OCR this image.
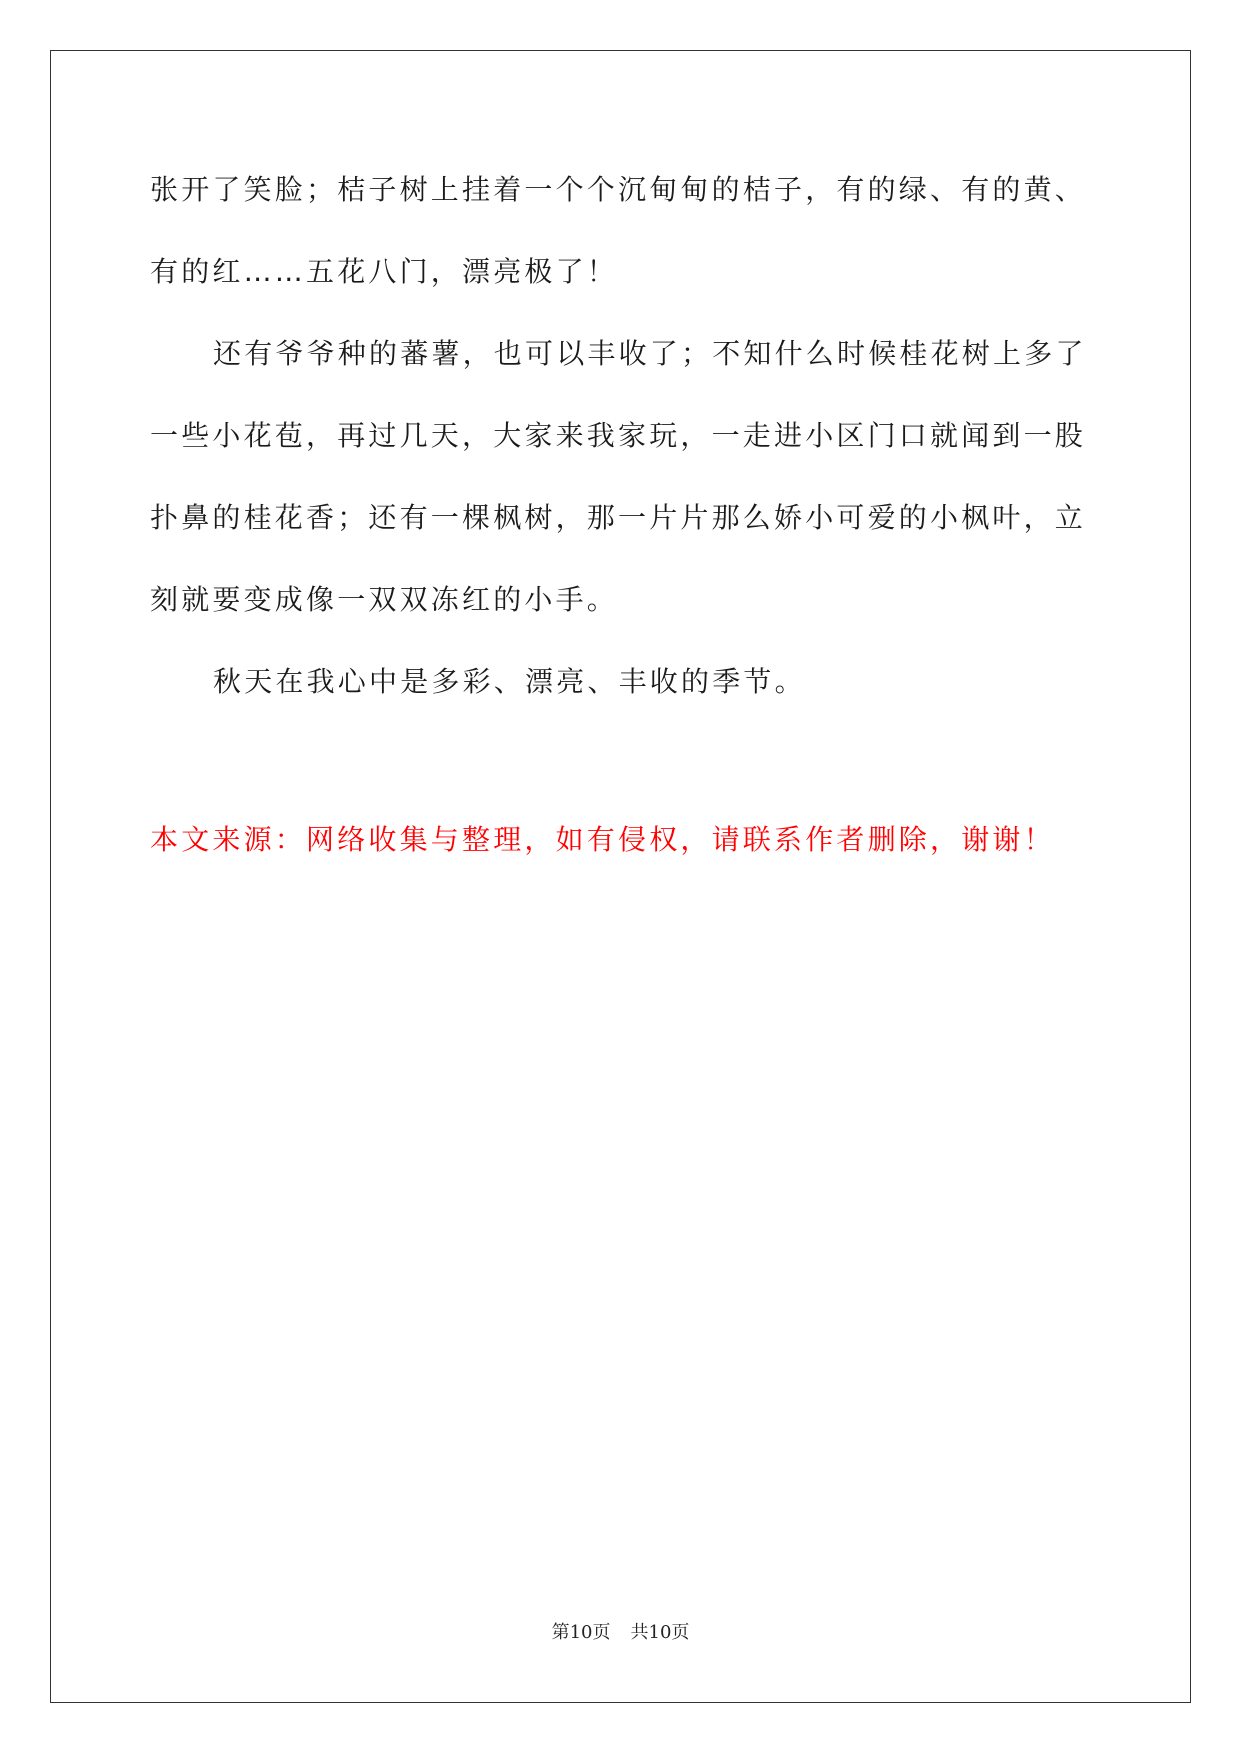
张开了笑脸；桔子树上挂着一个个沉甸甸的桔子，有的绿、有的黄、
有的红……五花八门，漂亮极了！
还有爷爷种的蕃薯，也可以丰收了；不知什么时候桂花树上多了
一些小花苞，再过几天，大家来我家玩，一走进小区门口就闻到一股
扑鼻的桂花香；还有一棵枫树，那一片片那么娇小可爱的小枫叶，立
刻就要变成像一双双冻红的小手。
秋天在我心中是多彩、漂亮、丰收的季节。
本文来源：网络收集与整理，如有侵权，请联系作者删除，谢谢！
第10页 共10页
